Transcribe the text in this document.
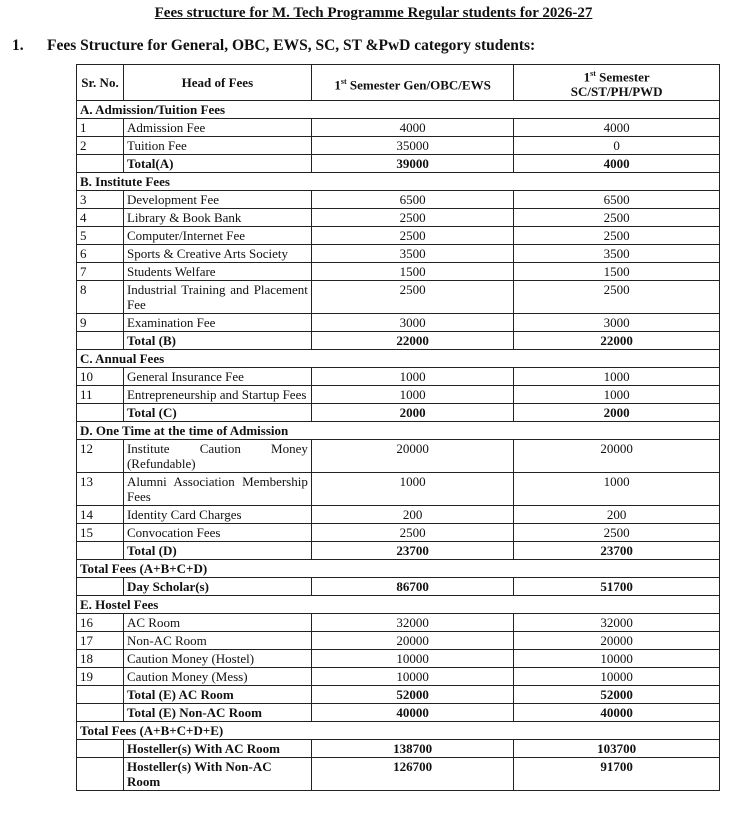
Fees structure for M. Tech Programme Regular students for 2026-27
1. Fees Structure for General, OBC, EWS, SC, ST &PwD category students:
Sr. No.	Head of Fees	1st Semester Gen/OBC/EWS	1st Semester
SC/ST/PH/PWD
A. Admission/Tuition Fees			
1	Admission Fee	4000	4000
2	Tuition Fee	35000	0
	Total(A)	39000	4000
B. Institute Fees			
3	Development Fee	6500	6500
4	Library & Book Bank	2500	2500
5	Computer/Internet Fee	2500	2500
6	Sports & Creative Arts Society	3500	3500
7	Students Welfare	1500	1500
8	Industrial Training and Placement Fee	2500	2500
9	Examination Fee	3000	3000
	Total (B)	22000	22000
C. Annual Fees			
10	General Insurance Fee	1000	1000
11	Entrepreneurship and Startup Fees	1000	1000
	Total (C)	2000	2000
D. One Time at the time of Admission			
12	Institute Caution Money (Refundable)	20000	20000
13	Alumni Association Membership Fees	1000	1000
14	Identity Card Charges	200	200
15	Convocation Fees	2500	2500
	Total (D)	23700	23700
Total Fees (A+B+C+D)			
	Day Scholar(s)	86700	51700
E. Hostel Fees			
16	AC Room	32000	32000
17	Non-AC Room	20000	20000
18	Caution Money (Hostel)	10000	10000
19	Caution Money (Mess)	10000	10000
	Total (E) AC Room	52000	52000
	Total (E) Non-AC Room	40000	40000
Total Fees (A+B+C+D+E)			
	Hosteller(s) With AC Room	138700	103700
	Hosteller(s) With Non-AC Room	126700	91700
